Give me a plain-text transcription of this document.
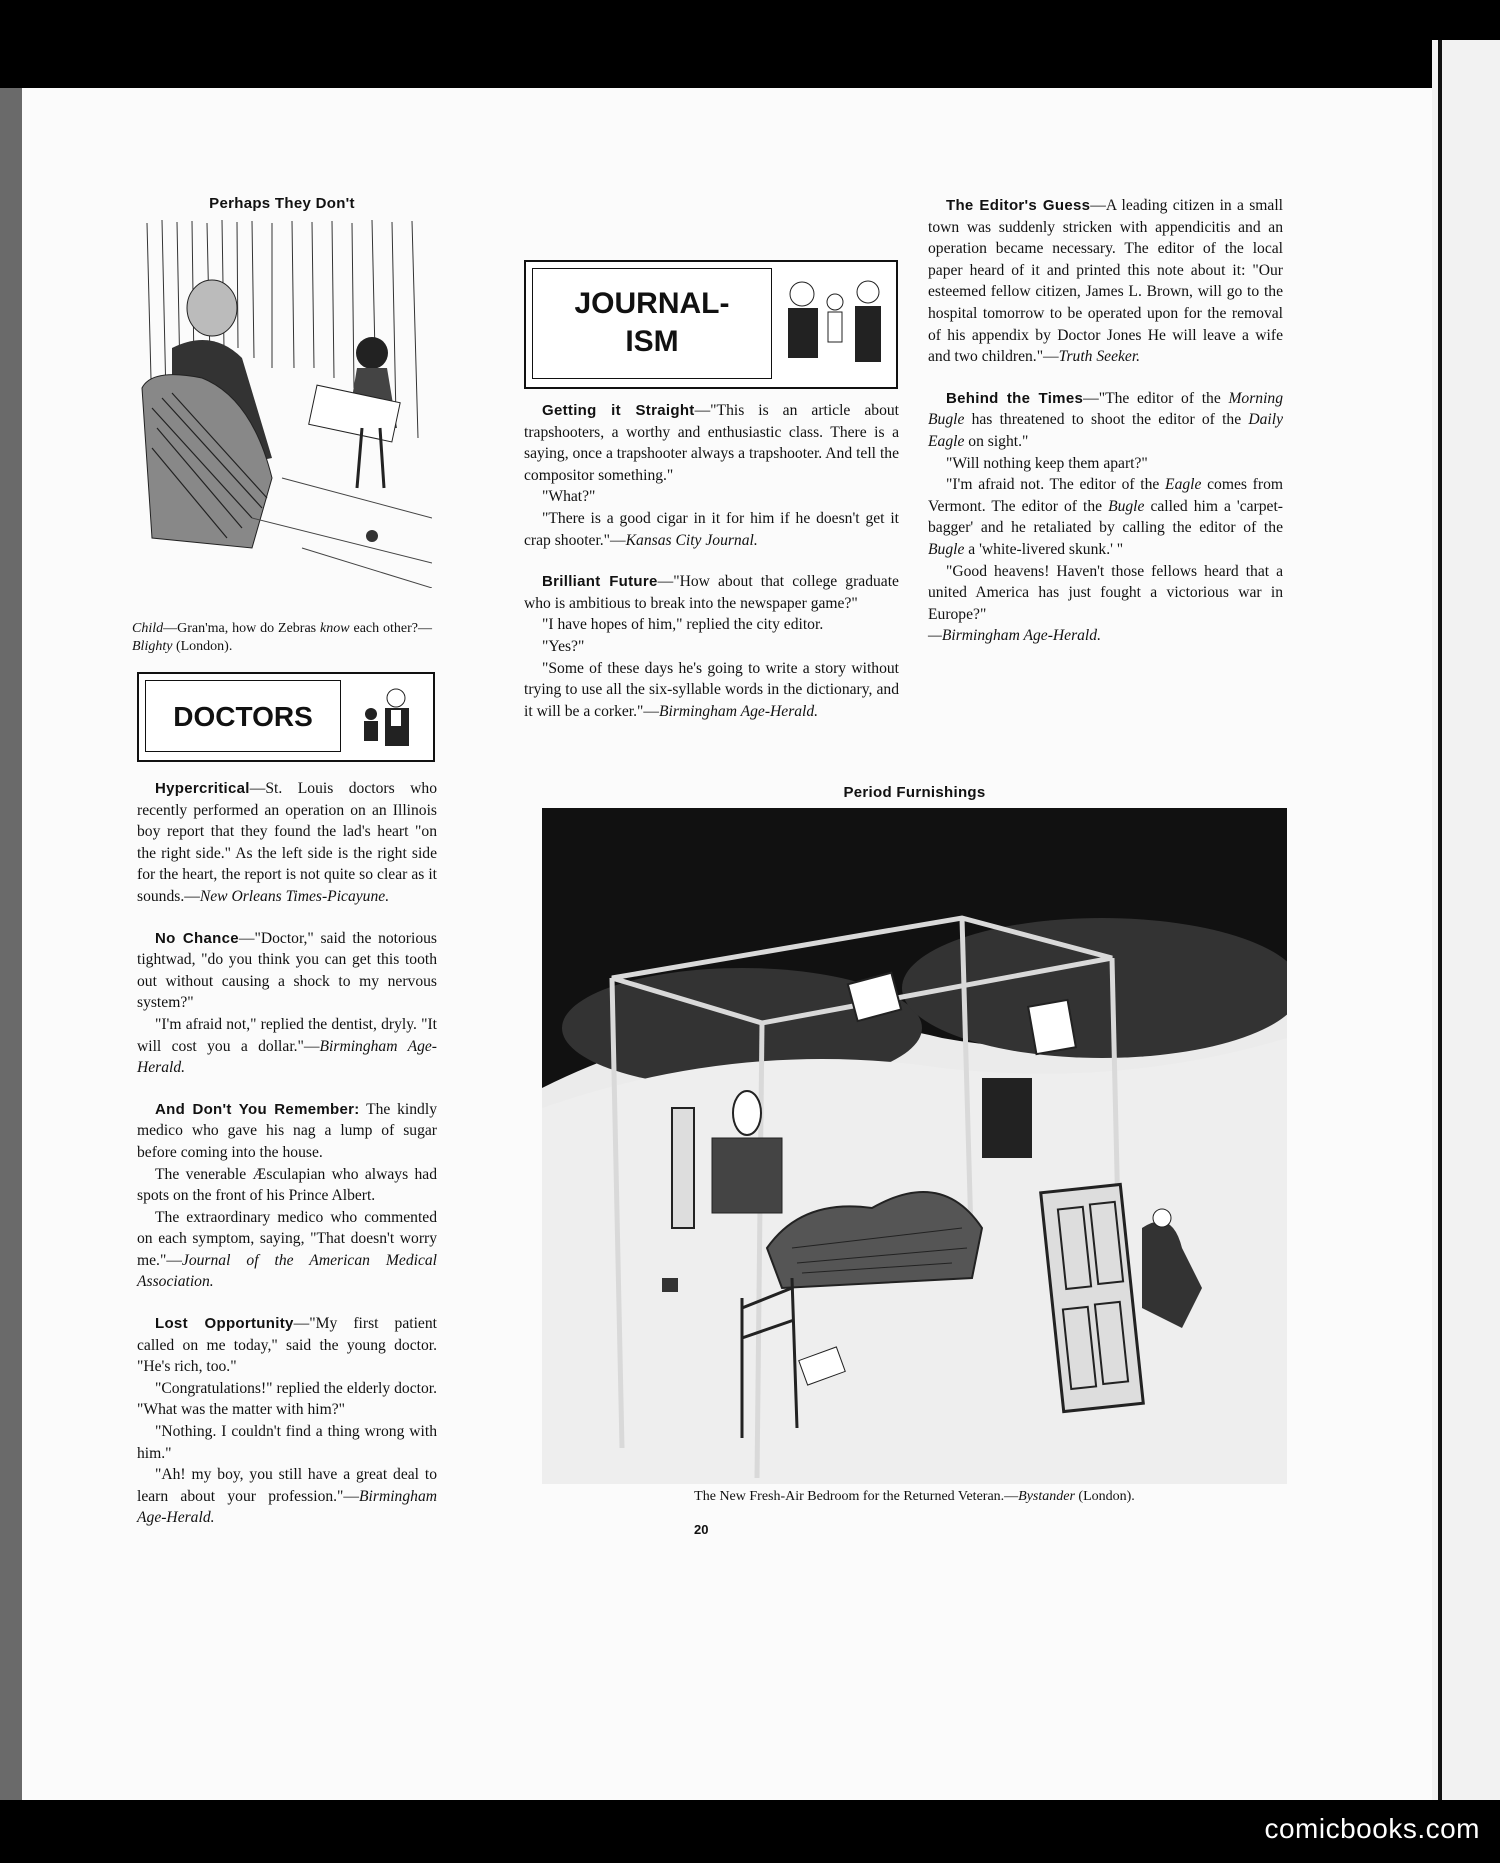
Perhaps They Don't
Child—Gran'ma, how do Zebras know each other?—Blighty (London).
DOCTORS

Hypercritical—St. Louis doctors who recently performed an operation on an Illinois boy report that they found the lad's heart "on the right side." As the left side is the right side for the heart, the report is not quite so clear as it sounds.—New Orleans Times-Picayune.

No Chance—"Doctor," said the notorious tightwad, "do you think you can get this tooth out without causing a shock to my nervous system?"

"I'm afraid not," replied the dentist, dryly. "It will cost you a dollar."—Birmingham Age-Herald.

And Don't You Remember: The kindly medico who gave his nag a lump of sugar before coming into the house.

The venerable Æsculapian who always had spots on the front of his Prince Albert.

The extraordinary medico who commented on each symptom, saying, "That doesn't worry me."—Journal of the American Medical Association.

Lost Opportunity—"My first patient called on me today," said the young doctor. "He's rich, too."

"Congratulations!" replied the elderly doctor. "What was the matter with him?"

"Nothing. I couldn't find a thing wrong with him."

"Ah! my boy, you still have a great deal to learn about your profession."—Birmingham Age-Herald.

JOURNAL-
ISM

Getting it Straight—"This is an article about trapshooters, a worthy and enthusiastic class. There is a saying, once a trapshooter always a trapshooter. And tell the compositor something."

"What?"

"There is a good cigar in it for him if he doesn't get it crap shooter."—Kansas City Journal.

Brilliant Future—"How about that college graduate who is ambitious to break into the newspaper game?"

"I have hopes of him," replied the city editor.

"Yes?"

"Some of these days he's going to write a story without trying to use all the six-syllable words in the dictionary, and it will be a corker."—Birmingham Age-Herald.

The Editor's Guess—A leading citizen in a small town was suddenly stricken with appendicitis and an operation became necessary. The editor of the local paper heard of it and printed this note about it: "Our esteemed fellow citizen, James L. Brown, will go to the hospital tomorrow to be operated upon for the removal of his appendix by Doctor Jones He will leave a wife and two children."—Truth Seeker.

Behind the Times—"The editor of the Morning Bugle has threatened to shoot the editor of the Daily Eagle on sight."

"Will nothing keep them apart?"

"I'm afraid not. The editor of the Eagle comes from Vermont. The editor of the Bugle called him a 'carpet-bagger' and he retaliated by calling the editor of the Bugle a 'white-livered skunk.' "

"Good heavens! Haven't those fellows heard that a united America has just fought a victorious war in Europe?"

—Birmingham Age-Herald.

Period Furnishings
The New Fresh-Air Bedroom for the Returned Veteran.—Bystander (London).
20
comicbooks.com
